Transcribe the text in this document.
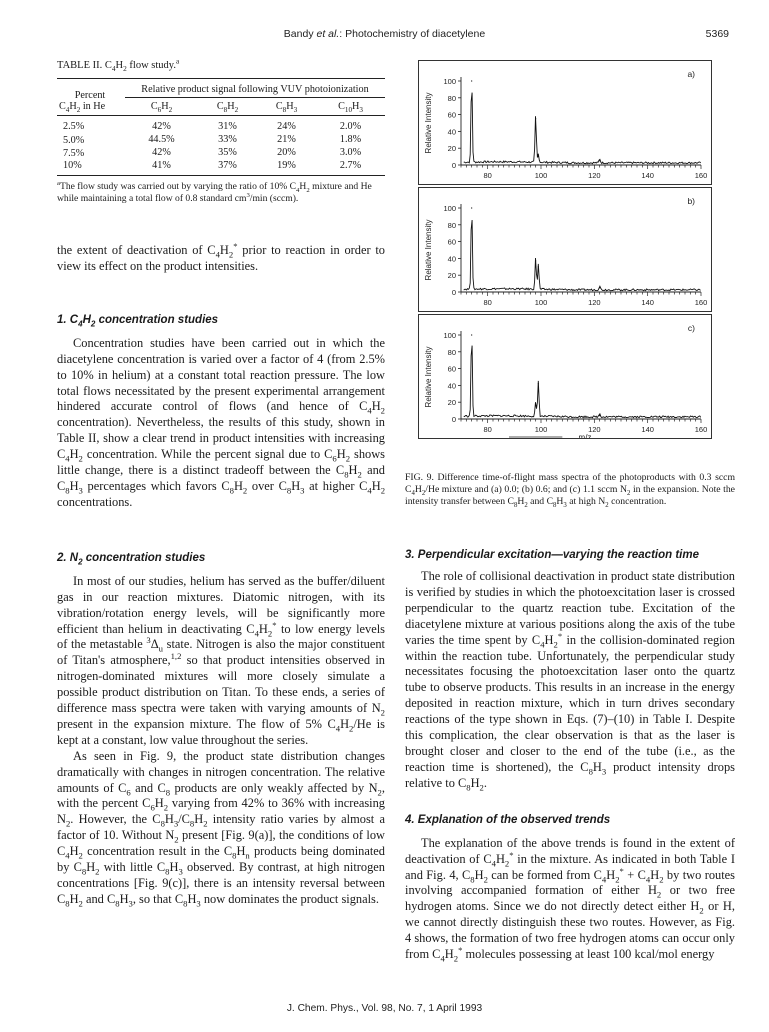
Bandy et al.: Photochemistry of diacetylene	5369

TABLE II. $C_4H_2$ flow study.$^a$

Percent
$C_4H_2$ in He	Relative product signal following VUV photoionization			
	$C_6H_2$	$C_8H_2$	$C_8H_3$	$C_{10}H_3$
2.5%	42%	31%	24%	2.0%
5.0%	44.5%	33%	21%	1.8%
7.5%	42%	35%	20%	3.0%
10%	41%	37%	19%	2.7%

$^a$The flow study was carried out by varying the ratio of 10% $C_4H_2$ mixture and He while maintaining a total flow of 0.8 standard $cm^3/\min$ (sccm).

the extent of deactivation of $C_4H_2^*$ prior to reaction in order to view its effect on the product intensities.

1. $C_4H_2$ concentration studies

Concentration studies have been carried out in which the diacetylene concentration is varied over a factor of 4 (from 2.5% to 10% in helium) at a constant total reaction pressure. The low total flows necessitated by the present experimental arrangement hindered accurate control of flows (and hence of $C_4H_2$ concentration). Nevertheless, the results of this study, shown in Table II, show a clear trend in product intensities with increasing $C_4H_2$ concentration. While the percent signal due to $C_6H_2$ shows little change, there is a distinct tradeoff between the $C_8H_2$ and $C_8H_3$ percentages which favors $C_8H_2$ over $C_8H_3$ at higher $C_4H_2$ concentrations.

2. $N_2$ concentration studies

In most of our studies, helium has served as the buffer/diluent gas in our reaction mixtures. Diatomic nitrogen, with its vibration/rotation energy levels, will be significantly more efficient than helium in deactivating $C_4H_2^*$ to low energy levels of the metastable $^3\Delta_u$ state. Nitrogen is also the major constituent of Titan's atmosphere,$^{1,2}$ so that product intensities observed in nitrogen-dominated mixtures will more closely simulate a possible product distribution on Titan. To these ends, a series of difference mass spectra were taken with varying amounts of $N_2$ present in the expansion mixture. The flow of 5% $C_4H_2/He$ is kept at a constant, low value throughout the series.

As seen in Fig. 9, the product state distribution changes dramatically with changes in nitrogen concentration. The relative amounts of $C_6$ and $C_8$ products are only weakly affected by $N_2$, with the percent $C_6H_2$ varying from 42% to 36% with increasing $N_2$. However, the $C_8H_3/C_8H_2$ intensity ratio varies by almost a factor of 10. Without $N_2$ present [Fig. 9(a)], the conditions of low $C_4H_2$ concentration result in the $C_8H_n$ products being dominated by $C_8H_2$ with little $C_8H_3$ observed. By contrast, at high nitrogen concentrations [Fig. 9(c)], there is an intensity reversal between $C_8H_2$ and $C_8H_3$, so that $C_8H_3$ now dominates the product signals.

Relative Intensity
0
20
40
60
80
100
80	100	120	140	160
a)
Relative Intensity
0
20
40
60
80
100
80	100	120	140	160
b)
Relative Intensity
0
20
40
60
80
100
80	100	120	140	160
c)
m/z

FIG. 9. Difference time-of-flight mass spectra of the photoproducts with 0.3 sccm $C_4H_2/He$ mixture and (a) 0.0; (b) 0.6; and (c) 1.1 sccm $N_2$ in the expansion. Note the intensity transfer between $C_8H_2$ and $C_8H_3$ at high $N_2$ concentration.

3. Perpendicular excitation—varying the reaction time

The role of collisional deactivation in product state distribution is verified by studies in which the photoexcitation laser is crossed perpendicular to the quartz reaction tube. Excitation of the diacetylene mixture at various positions along the axis of the tube varies the time spent by $C_4H_2^*$ in the collision-dominated region within the reaction tube. Unfortunately, the perpendicular study necessitates focusing the photoexcitation laser onto the quartz tube to observe products. This results in an increase in the energy deposited in reaction mixture, which in turn drives secondary reactions of the type shown in Eqs. (7)–(10) in Table I. Despite this complication, the clear observation is that as the laser is brought closer and closer to the end of the tube (i.e., as the reaction time is shortened), the $C_8H_3$ product intensity drops relative to $C_8H_2$.

4. Explanation of the observed trends

The explanation of the above trends is found in the extent of deactivation of $C_4H_2^*$ in the mixture. As indicated in both Table I and Fig. 4, $C_8H_2$ can be formed from $C_4H_2^* + C_4H_2$ by two routes involving accompanied formation of either $H_2$ or two free hydrogen atoms. Since we do not directly detect either $H_2$ or H, we cannot directly distinguish these two routes. However, as Fig. 4 shows, the formation of two free hydrogen atoms can occur only from $C_4H_2^*$ molecules possessing at least 100 kcal/mol energy

J. Chem. Phys., Vol. 98, No. 7, 1 April 1993
